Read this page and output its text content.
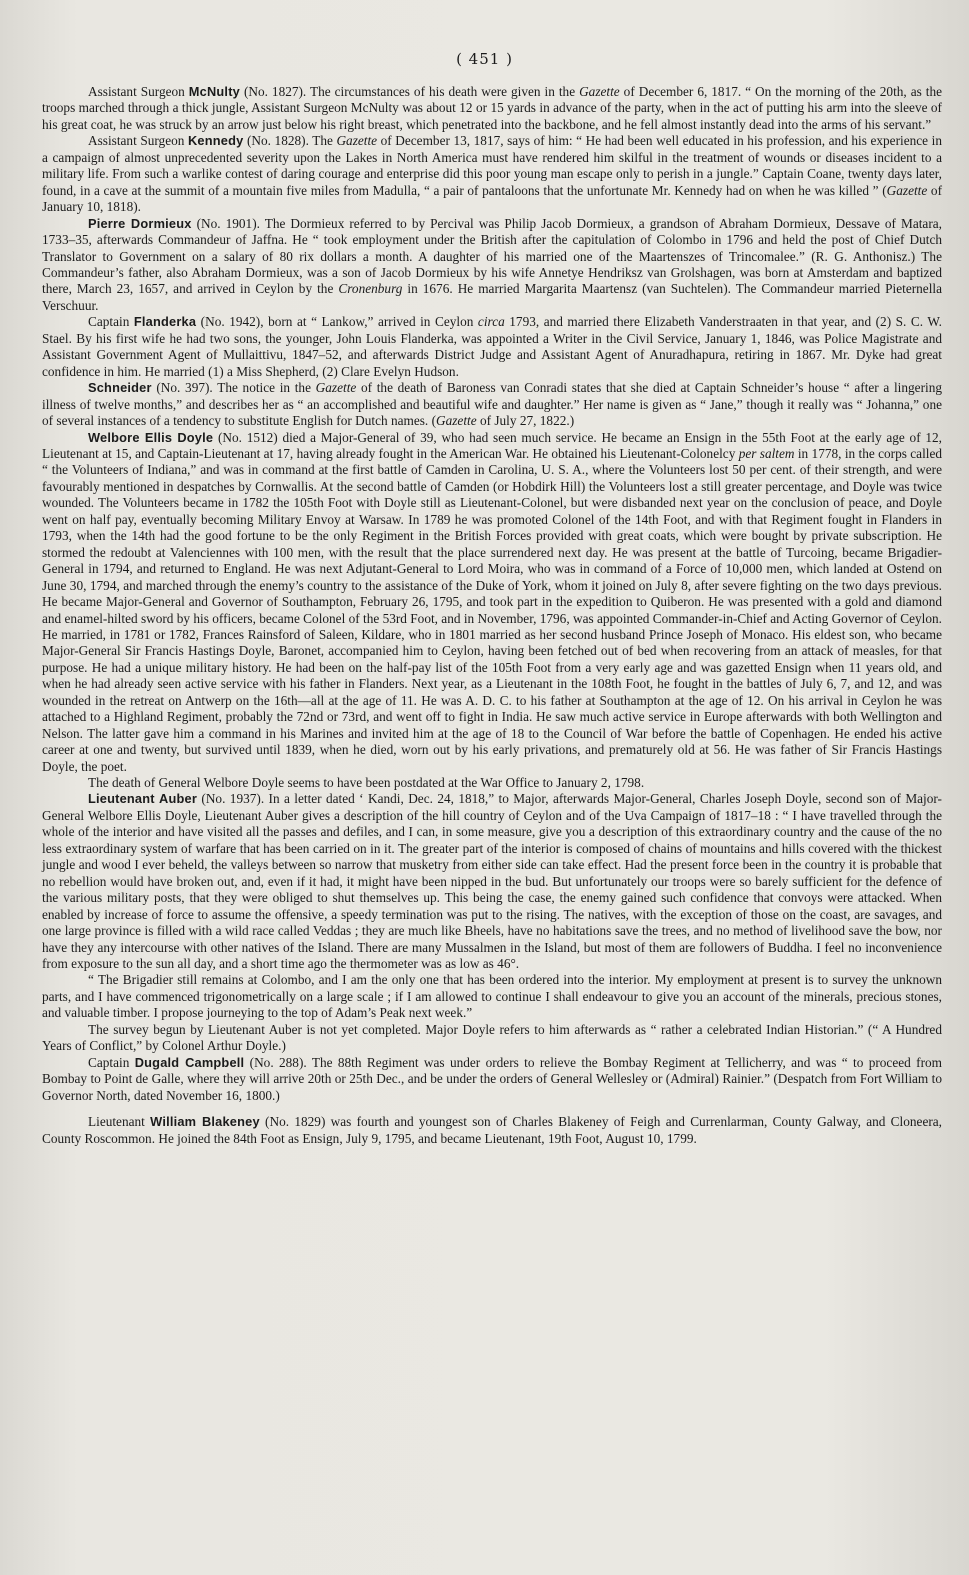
( 451 )

Assistant Surgeon McNulty (No. 1827). The circumstances of his death were given in the Gazette of December 6, 1817. “ On the morning of the 20th, as the troops marched through a thick jungle, Assistant Surgeon McNulty was about 12 or 15 yards in advance of the party, when in the act of putting his arm into the sleeve of his great coat, he was struck by an arrow just below his right breast, which penetrated into the backbone, and he fell almost instantly dead into the arms of his servant.”

Assistant Surgeon Kennedy (No. 1828). The Gazette of December 13, 1817, says of him: “ He had been well educated in his profession, and his experience in a campaign of almost unprecedented severity upon the Lakes in North America must have rendered him skilful in the treatment of wounds or diseases incident to a military life. From such a warlike contest of daring courage and enterprise did this poor young man escape only to perish in a jungle.” Captain Coane, twenty days later, found, in a cave at the summit of a mountain five miles from Madulla, “ a pair of pantaloons that the unfortunate Mr. Kennedy had on when he was killed ” (Gazette of January 10, 1818).

Pierre Dormieux (No. 1901). The Dormieux referred to by Percival was Philip Jacob Dormieux, a grandson of Abraham Dormieux, Dessave of Matara, 1733–35, afterwards Commandeur of Jaffna. He “ took employment under the British after the capitulation of Colombo in 1796 and held the post of Chief Dutch Translator to Government on a salary of 80 rix dollars a month. A daughter of his married one of the Maartenszes of Trincomalee.” (R. G. Anthonisz.) The Commandeur’s father, also Abraham Dormieux, was a son of Jacob Dormieux by his wife Annetye Hendriksz van Grolshagen, was born at Amsterdam and baptized there, March 23, 1657, and arrived in Ceylon by the Cronenburg in 1676. He married Margarita Maartensz (van Suchtelen). The Commandeur married Pieternella Verschuur.

Captain Flanderka (No. 1942), born at “ Lankow,” arrived in Ceylon circa 1793, and married there Elizabeth Vanderstraaten in that year, and (2) S. C. W. Stael. By his first wife he had two sons, the younger, John Louis Flanderka, was appointed a Writer in the Civil Service, January 1, 1846, was Police Magistrate and Assistant Government Agent of Mullaittivu, 1847–52, and afterwards District Judge and Assistant Agent of Anuradhapura, retiring in 1867. Mr. Dyke had great confidence in him. He married (1) a Miss Shepherd, (2) Clare Evelyn Hudson.

Schneider (No. 397). The notice in the Gazette of the death of Baroness van Conradi states that she died at Captain Schneider’s house “ after a lingering illness of twelve months,” and describes her as “ an accomplished and beautiful wife and daughter.” Her name is given as “ Jane,” though it really was “ Johanna,” one of several instances of a tendency to substitute English for Dutch names. (Gazette of July 27, 1822.)

Welbore Ellis Doyle (No. 1512) died a Major-General of 39, who had seen much service. He became an Ensign in the 55th Foot at the early age of 12, Lieutenant at 15, and Captain-Lieutenant at 17, having already fought in the American War. He obtained his Lieutenant-Colonelcy per saltem in 1778, in the corps called “ the Volunteers of Indiana,” and was in command at the first battle of Camden in Carolina, U. S. A., where the Volunteers lost 50 per cent. of their strength, and were favourably mentioned in despatches by Cornwallis. At the second battle of Camden (or Hobdirk Hill) the Volunteers lost a still greater percentage, and Doyle was twice wounded. The Volunteers became in 1782 the 105th Foot with Doyle still as Lieutenant-Colonel, but were disbanded next year on the conclusion of peace, and Doyle went on half pay, eventually becoming Military Envoy at Warsaw. In 1789 he was promoted Colonel of the 14th Foot, and with that Regiment fought in Flanders in 1793, when the 14th had the good fortune to be the only Regiment in the British Forces provided with great coats, which were bought by private subscription. He stormed the redoubt at Valenciennes with 100 men, with the result that the place surrendered next day. He was present at the battle of Turcoing, became Brigadier-General in 1794, and returned to England. He was next Adjutant-General to Lord Moira, who was in command of a Force of 10,000 men, which landed at Ostend on June 30, 1794, and marched through the enemy’s country to the assistance of the Duke of York, whom it joined on July 8, after severe fighting on the two days previous. He became Major-General and Governor of Southampton, February 26, 1795, and took part in the expedition to Quiberon. He was presented with a gold and diamond and enamel-hilted sword by his officers, became Colonel of the 53rd Foot, and in November, 1796, was appointed Commander-in-Chief and Acting Governor of Ceylon. He married, in 1781 or 1782, Frances Rainsford of Saleen, Kildare, who in 1801 married as her second husband Prince Joseph of Monaco. His eldest son, who became Major-General Sir Francis Hastings Doyle, Baronet, accompanied him to Ceylon, having been fetched out of bed when recovering from an attack of measles, for that purpose. He had a unique military history. He had been on the half-pay list of the 105th Foot from a very early age and was gazetted Ensign when 11 years old, and when he had already seen active service with his father in Flanders. Next year, as a Lieutenant in the 108th Foot, he fought in the battles of July 6, 7, and 12, and was wounded in the retreat on Antwerp on the 16th—all at the age of 11. He was A. D. C. to his father at Southampton at the age of 12. On his arrival in Ceylon he was attached to a Highland Regiment, probably the 72nd or 73rd, and went off to fight in India. He saw much active service in Europe afterwards with both Wellington and Nelson. The latter gave him a command in his Marines and invited him at the age of 18 to the Council of War before the battle of Copenhagen. He ended his active career at one and twenty, but survived until 1839, when he died, worn out by his early privations, and prematurely old at 56. He was father of Sir Francis Hastings Doyle, the poet.

The death of General Welbore Doyle seems to have been postdated at the War Office to January 2, 1798.

Lieutenant Auber (No. 1937). In a letter dated ‘ Kandi, Dec. 24, 1818,” to Major, afterwards Major-General, Charles Joseph Doyle, second son of Major-General Welbore Ellis Doyle, Lieutenant Auber gives a description of the hill country of Ceylon and of the Uva Campaign of 1817–18 : “ I have travelled through the whole of the interior and have visited all the passes and defiles, and I can, in some measure, give you a description of this extraordinary country and the cause of the no less extraordinary system of warfare that has been carried on in it. The greater part of the interior is composed of chains of mountains and hills covered with the thickest jungle and wood I ever beheld, the valleys between so narrow that musketry from either side can take effect. Had the present force been in the country it is probable that no rebellion would have broken out, and, even if it had, it might have been nipped in the bud. But unfortunately our troops were so barely sufficient for the defence of the various military posts, that they were obliged to shut themselves up. This being the case, the enemy gained such confidence that convoys were attacked. When enabled by increase of force to assume the offensive, a speedy termination was put to the rising. The natives, with the exception of those on the coast, are savages, and one large province is filled with a wild race called Veddas ; they are much like Bheels, have no habitations save the trees, and no method of livelihood save the bow, nor have they any intercourse with other natives of the Island. There are many Mussalmen in the Island, but most of them are followers of Buddha. I feel no inconvenience from exposure to the sun all day, and a short time ago the thermometer was as low as 46°.

“ The Brigadier still remains at Colombo, and I am the only one that has been ordered into the interior. My employment at present is to survey the unknown parts, and I have commenced trigonometrically on a large scale ; if I am allowed to continue I shall endeavour to give you an account of the minerals, precious stones, and valuable timber. I propose journeying to the top of Adam’s Peak next week.”

The survey begun by Lieutenant Auber is not yet completed. Major Doyle refers to him afterwards as “ rather a celebrated Indian Historian.” (“ A Hundred Years of Conflict,” by Colonel Arthur Doyle.)

Captain Dugald Campbell (No. 288). The 88th Regiment was under orders to relieve the Bombay Regiment at Tellicherry, and was “ to proceed from Bombay to Point de Galle, where they will arrive 20th or 25th Dec., and be under the orders of General Wellesley or (Admiral) Rainier.” (Despatch from Fort William to Governor North, dated November 16, 1800.)

Lieutenant William Blakeney (No. 1829) was fourth and youngest son of Charles Blakeney of Feigh and Currenlarman, County Galway, and Cloneera, County Roscommon. He joined the 84th Foot as Ensign, July 9, 1795, and became Lieutenant, 19th Foot, August 10, 1799.
